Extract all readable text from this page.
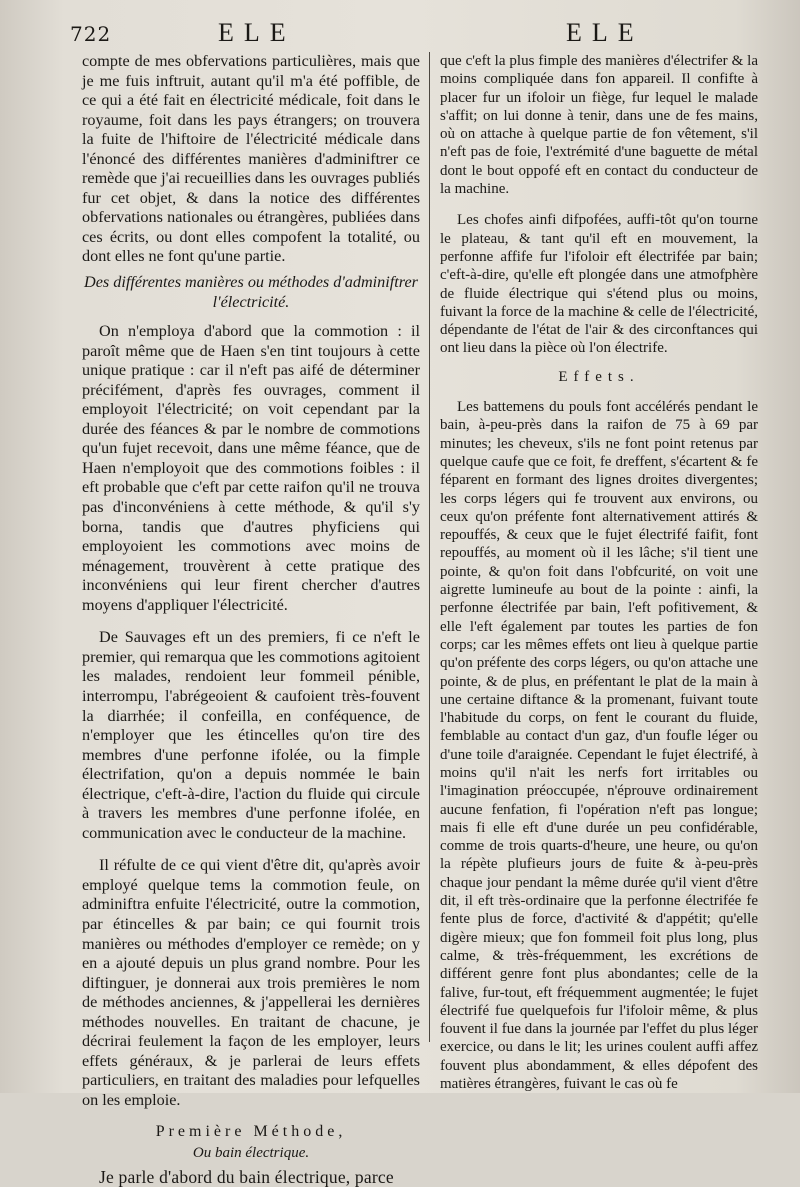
722	ELE	ELE

compte de mes obfervations particulières, mais que je me fuis inftruit, autant qu'il m'a été poffible, de ce qui a été fait en électricité médicale, foit dans le royaume, foit dans les pays étrangers; on trouvera la fuite de l'hiftoire de l'électricité médicale dans l'énoncé des différentes manières d'adminiftrer ce remède que j'ai recueillies dans les ouvrages publiés fur cet objet, & dans la notice des différentes obfervations nationales ou étrangères, publiées dans ces écrits, ou dont elles compofent la totalité, ou dont elles ne font qu'une partie.

Des différentes manières ou méthodes d'adminiftrer

l'électricité.

On n'employa d'abord que la commotion : il paroît même que de Haen s'en tint toujours à cette unique pratique : car il n'eft pas aifé de déterminer précifément, d'après fes ouvrages, comment il employoit l'électricité; on voit cependant par la durée des féances & par le nombre de commotions qu'un fujet recevoit, dans une même féance, que de Haen n'employoit que des commotions foibles : il eft probable que c'eft par cette raifon qu'il ne trouva pas d'inconvéniens à cette méthode, & qu'il s'y borna, tandis que d'autres phyficiens qui employoient les commotions avec moins de ménagement, trouvèrent à cette pratique des inconvéniens qui leur firent chercher d'autres moyens d'appliquer l'électricité.

De Sauvages eft un des premiers, fi ce n'eft le premier, qui remarqua que les commotions agitoient les malades, rendoient leur fommeil pénible, interrompu, l'abrégeoient & caufoient très-fouvent la diarrhée; il confeilla, en conféquence, de n'employer que les étincelles qu'on tire des membres d'une perfonne ifolée, ou la fimple électrifation, qu'on a depuis nommée le bain électrique, c'eft-à-dire, l'action du fluide qui circule à travers les membres d'une perfonne ifolée, en communication avec le conducteur de la machine.

Il réfulte de ce qui vient d'être dit, qu'après avoir employé quelque tems la commotion feule, on adminiftra enfuite l'électricité, outre la commotion, par étincelles & par bain; ce qui fournit trois manières ou méthodes d'employer ce remède; on y en a ajouté depuis un plus grand nombre. Pour les diftinguer, je donnerai aux trois premières le nom de méthodes anciennes, & j'appellerai les dernières méthodes nouvelles. En traitant de chacune, je décrirai feulement la façon de les employer, leurs effets généraux, & je parlerai de leurs effets particuliers, en traitant des maladies pour lefquelles on les emploie.

Première Méthode,

Ou bain électrique.

Je parle d'abord du bain électrique, parce

que c'eft la plus fimple des manières d'électrifer & la moins compliquée dans fon appareil. Il confifte à placer fur un ifoloir un fiège, fur lequel le malade s'affit; on lui donne à tenir, dans une de fes mains, où on attache à quelque partie de fon vêtement, s'il n'eft pas de foie, l'extrémité d'une baguette de métal dont le bout oppofé eft en contact du conducteur de la machine.

Les chofes ainfi difpofées, auffi-tôt qu'on tourne le plateau, & tant qu'il eft en mouvement, la perfonne affife fur l'ifoloir eft électrifée par bain; c'eft-à-dire, qu'elle eft plongée dans une atmofphère de fluide électrique qui s'étend plus ou moins, fuivant la force de la machine & celle de l'électricité, dépendante de l'état de l'air & des circonftances qui ont lieu dans la pièce où l'on électrife.

Effets.

Les battemens du pouls font accélérés pendant le bain, à-peu-près dans la raifon de 75 à 69 par minutes; les cheveux, s'ils ne font point retenus par quelque caufe que ce foit, fe dreffent, s'écartent & fe féparent en formant des lignes droites divergentes; les corps légers qui fe trouvent aux environs, ou ceux qu'on préfente font alternativement attirés & repouffés, & ceux que le fujet électrifé faifit, font repouffés, au moment où il les lâche; s'il tient une pointe, & qu'on foit dans l'obfcurité, on voit une aigrette lumineufe au bout de la pointe : ainfi, la perfonne électrifée par bain, l'eft pofitivement, & elle l'eft également par toutes les parties de fon corps; car les mêmes effets ont lieu à quelque partie qu'on préfente des corps légers, ou qu'on attache une pointe, & de plus, en préfentant le plat de la main à une certaine diftance & la promenant, fuivant toute l'habitude du corps, on fent le courant du fluide, femblable au contact d'un gaz, d'un foufle léger ou d'une toile d'araignée. Cependant le fujet électrifé, à moins qu'il n'ait les nerfs fort irritables ou l'imagination préoccupée, n'éprouve ordinairement aucune fenfation, fi l'opération n'eft pas longue; mais fi elle eft d'une durée un peu confidérable, comme de trois quarts-d'heure, une heure, ou qu'on la répète plufieurs jours de fuite & à-peu-près chaque jour pendant la même durée qu'il vient d'être dit, il eft très-ordinaire que la perfonne électrifée fe fente plus de force, d'activité & d'appétit; qu'elle digère mieux; que fon fommeil foit plus long, plus calme, & très-fréquemment, les excrétions de différent genre font plus abondantes; celle de la falive, fur-tout, eft fréquemment augmentée; le fujet électrifé fue quelquefois fur l'ifoloir même, & plus fouvent il fue dans la journée par l'effet du plus léger exercice, ou dans le lit; les urines coulent auffi affez fouvent plus abondamment, & elles dépofent des matières étrangères, fuivant le cas où fe
